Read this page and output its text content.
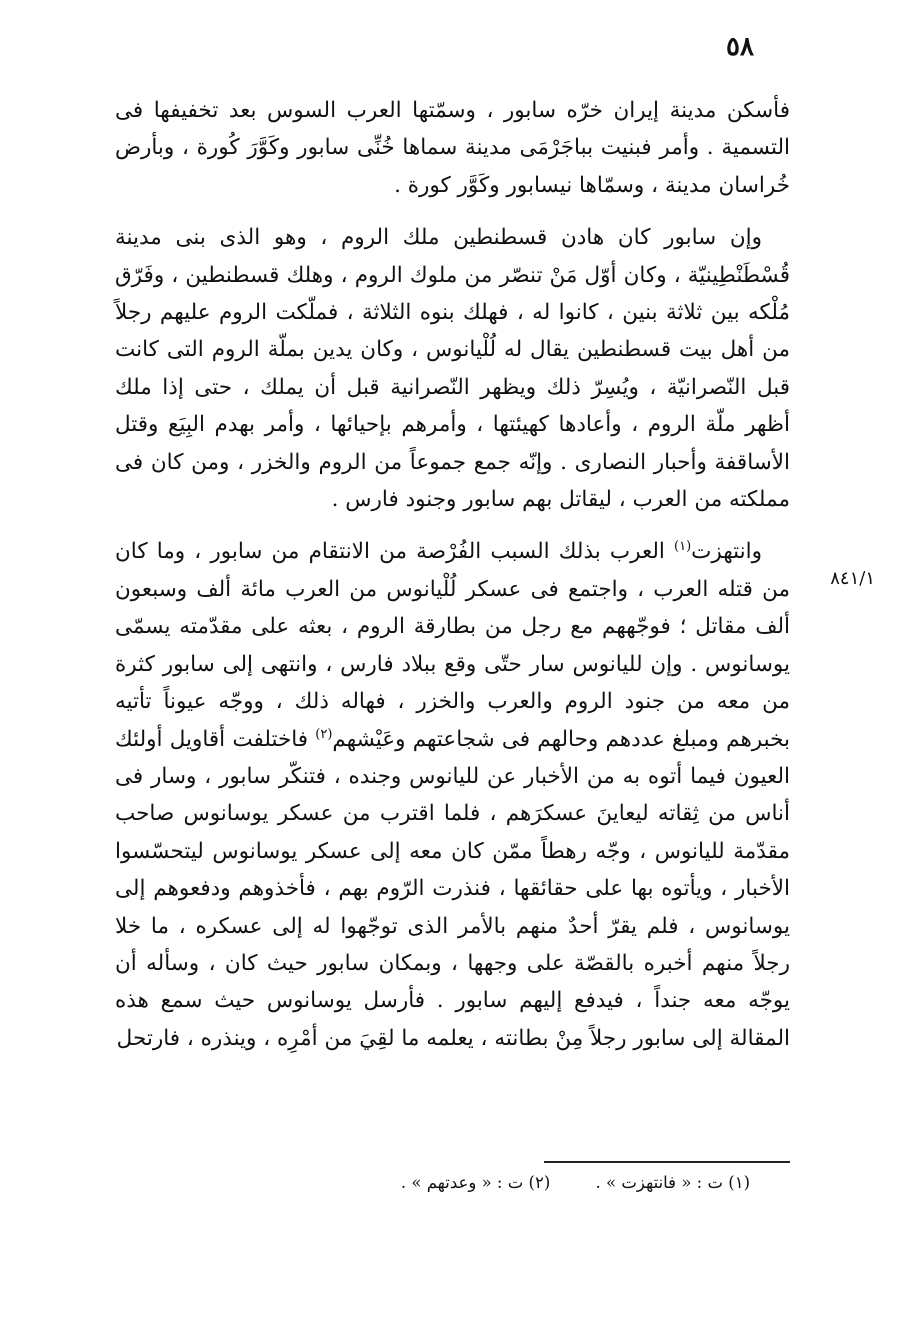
٥٨
٨٤١/١

فأسكن مدينة إيران خرّه سابور ، وسمّتها العرب السوس بعد تخفيفها فى التسمية . وأمر فبنيت بباجَرْمَى مدينة سماها خُنِّى سابور وكَوَّرَ كُورة ، وبأرض خُراسان مدينة ، وسمّاها نيسابور وكَوَّر كورة .

وإن سابور كان هادن قسطنطين ملك الروم ، وهو الذى بنى مدينة قُسْطَنْطِينيّة ، وكان أوّل مَنْ تنصّر من ملوك الروم ، وهلك قسطنطين ، وفَرّق مُلْكه بين ثلاثة بنين ، كانوا له ، فهلك بنوه الثلاثة ، فملّكت الروم عليهم رجلاً من أهل بيت قسطنطين يقال له لُلْيانوس ، وكان يدين بملّة الروم التى كانت قبل النّصرانيّة ، ويُسِرّ ذلك ويظهر النّصرانية قبل أن يملك ، حتى إذا ملك أظهر ملّة الروم ، وأعادها كهيئتها ، وأمرهم بإحيائها ، وأمر بهدم البِيَع وقتل الأساقفة وأحبار النصارى . وإنّه جمع جموعاً من الروم والخزر ، ومن كان فى مملكته من العرب ، ليقاتل بهم سابور وجنود فارس .

وانتهزت$^{(١)}$ العرب بذلك السبب الفُرْصة من الانتقام من سابور ، وما كان من قتله العرب ، واجتمع فى عسكر لُلْيانوس من العرب مائة ألف وسبعون ألف مقاتل ؛ فوجّههم مع رجل من بطارقة الروم ، بعثه على مقدّمته يسمّى يوسانوس . وإن لليانوس سار حتّى وقع ببلاد فارس ، وانتهى إلى سابور كثرة من معه من جنود الروم والعرب والخزر ، فهاله ذلك ، ووجّه عيوناً تأتيه بخبرهم ومبلغ عددهم وحالهم فى شجاعتهم وعَيْشهم$^{(٢)}$ فاختلفت أقاويل أولئك العيون فيما أتوه به من الأخبار عن لليانوس وجنده ، فتنكّر سابور ، وسار فى أناس من ثِقاته ليعاينَ عسكرَهم ، فلما اقترب من عسكر يوسانوس صاحب مقدّمة لليانوس ، وجّه رهطاً ممّن كان معه إلى عسكر يوسانوس ليتحسّسوا الأخبار ، ويأتوه بها على حقائقها ، فنذرت الرّوم بهم ، فأخذوهم ودفعوهم إلى يوسانوس ، فلم يقرّ أحدٌ منهم بالأمر الذى توجّهوا له إلى عسكره ، ما خلا رجلاً منهم أخبره بالقصّة على وجهها ، وبمكان سابور حيث كان ، وسأله أن يوجّه معه جنداً ، فيدفع إليهم سابور . فأرسل يوسانوس حيث سمع هذه المقالة إلى سابور رجلاً مِنْ بطانته ، يعلمه ما لقِيَ من أمْرِه ، وينذره ، فارتحل

(١) ت : « فانتهزت » . (٢) ت : « وعدتهم » .
